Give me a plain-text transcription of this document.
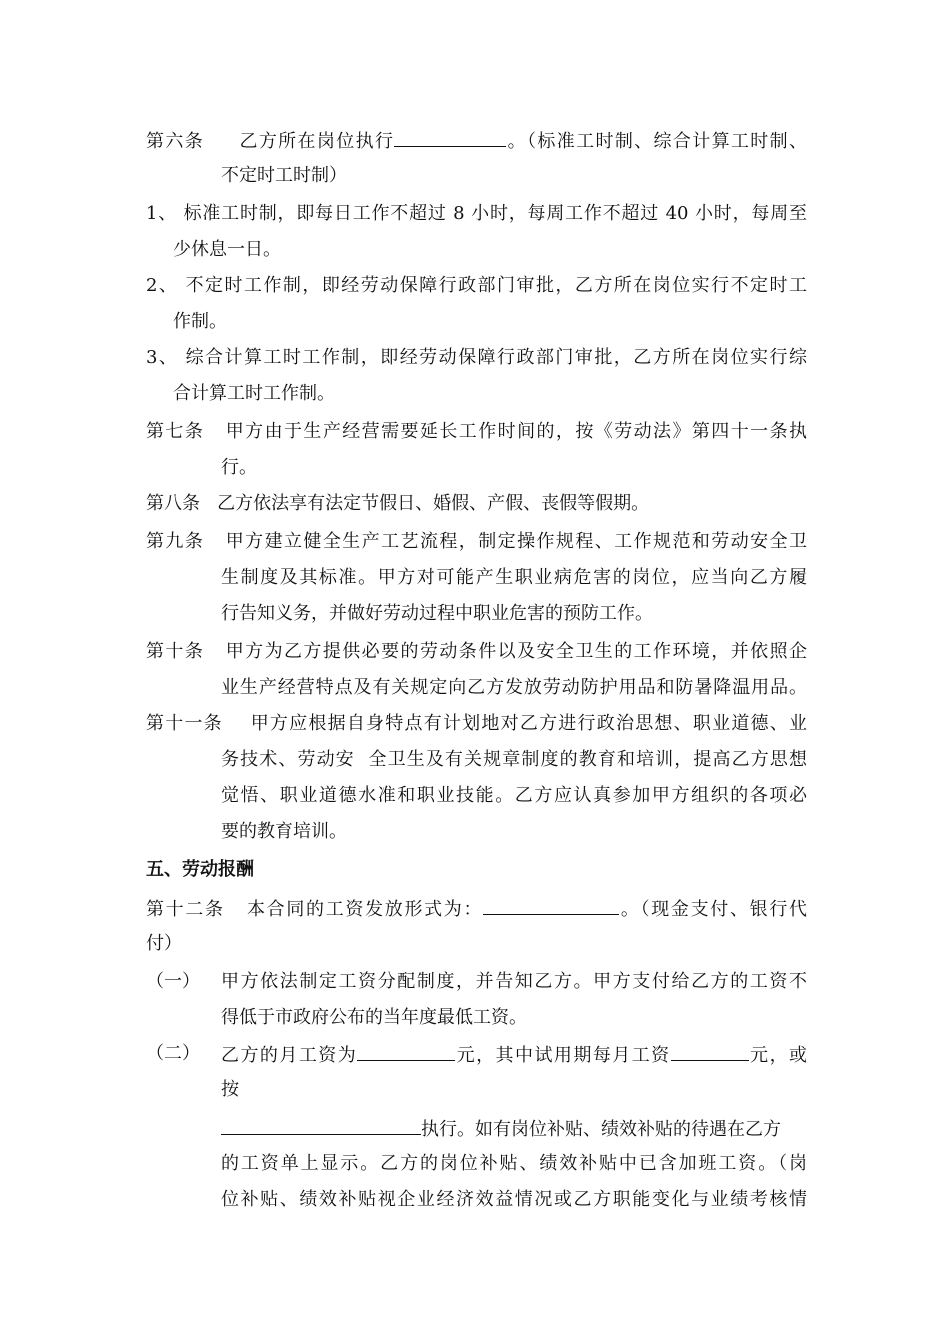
第六条 乙方所在岗位执行	。（标准工时制、综合计算工时制、
不定时工时制）
1、 标准工时制，即每日工作不超过 8 小时，每周工作不超过 40 小时，每周至
少休息一日。
2、 不定时工作制，即经劳动保障行政部门审批，乙方所在岗位实行不定时工
作制。
3、 综合计算工时工作制，即经劳动保障行政部门审批，乙方所在岗位实行综
合计算工时工作制。
第七条 甲方由于生产经营需要延长工作时间的，按《劳动法》第四十一条执
行。
第八条 乙方依法享有法定节假日、婚假、产假、丧假等假期。
第九条 甲方建立健全生产工艺流程，制定操作规程、工作规范和劳动安全卫
生制度及其标准。甲方对可能产生职业病危害的岗位，应当向乙方履
行告知义务，并做好劳动过程中职业危害的预防工作。
第十条 甲方为乙方提供必要的劳动条件以及安全卫生的工作环境，并依照企
业生产经营特点及有关规定向乙方发放劳动防护用品和防暑降温用品。
第十一条 甲方应根据自身特点有计划地对乙方进行政治思想、职业道德、业
务技术、劳动安  全卫生及有关规章制度的教育和培训，提高乙方思想
觉悟、职业道德水准和职业技能。乙方应认真参加甲方组织的各项必
要的教育培训。
五、劳动报酬
第十二条 本合同的工资发放形式为：	。（现金支付、银行代
付）
（一） 甲方依法制定工资分配制度，并告知乙方。甲方支付给乙方的工资不
得低于市政府公布的当年度最低工资。
（二） 乙方的月工资为	元，其中试用期每月工资	元，或
按
执行。如有岗位补贴、绩效补贴的待遇在乙方
的工资单上显示。乙方的岗位补贴、绩效补贴中已含加班工资。（岗
位补贴、绩效补贴视企业经济效益情况或乙方职能变化与业绩考核情
